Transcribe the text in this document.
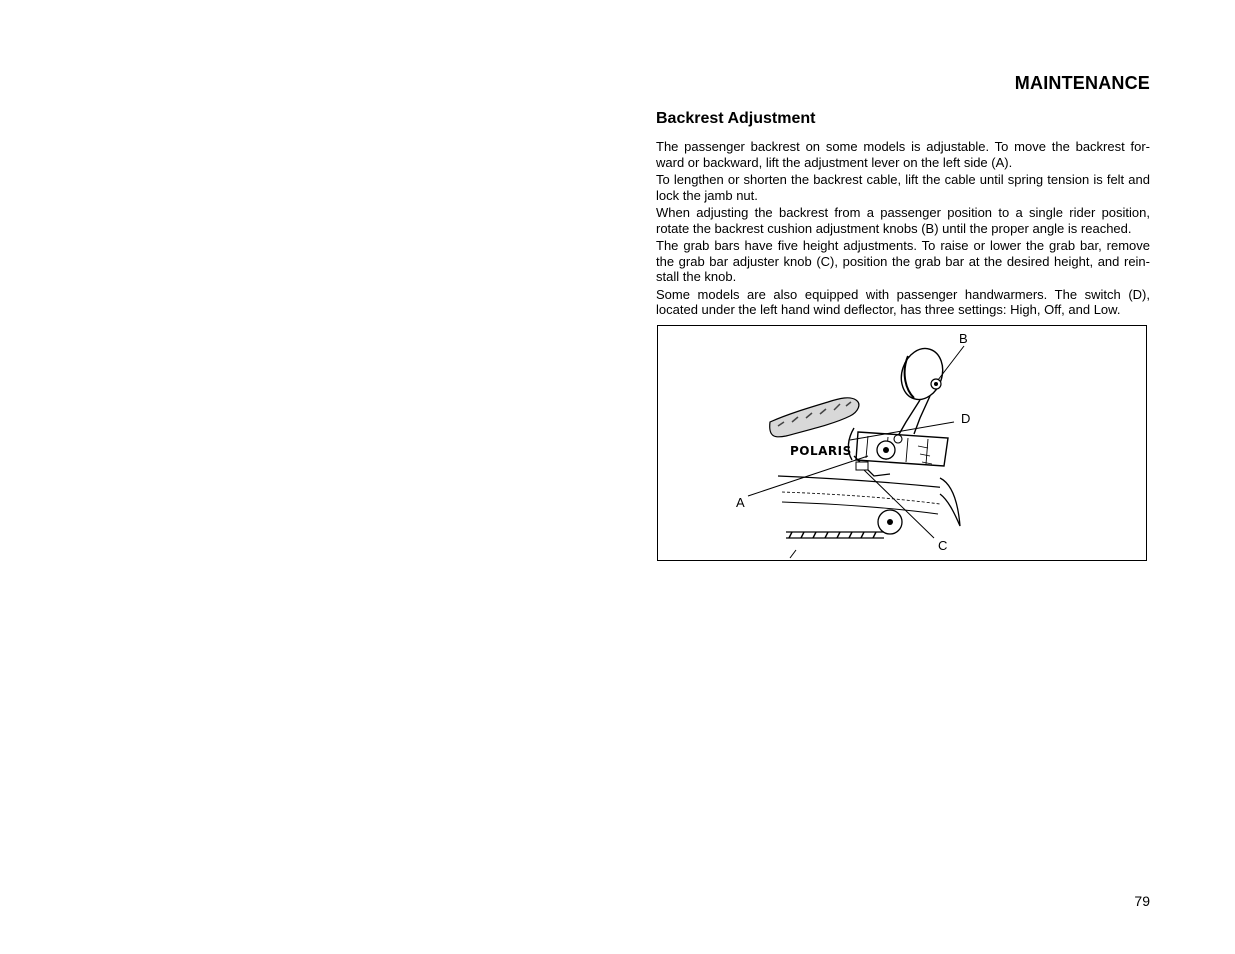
MAINTENANCE
Backrest Adjustment

The passenger backrest on some models is adjustable. To move the backrest for- ward or backward, lift the adjustment lever on the left side (A).

To lengthen or shorten the backrest cable, lift the cable until spring tension is felt and lock the jamb nut.

When adjusting the backrest from a passenger position to a single rider position, rotate the backrest cushion adjustment knobs (B) until the proper angle is reached.

The grab bars have five height adjustments. To raise or lower the grab bar, remove the grab bar adjuster knob (C), position the grab bar at the desired height, and rein- stall the knob.

Some models are also equipped with passenger handwarmers. The switch (D), located under the left hand wind deflector, has three settings: High, Off, and Low.

POLARIS
B
D
A
C
79
